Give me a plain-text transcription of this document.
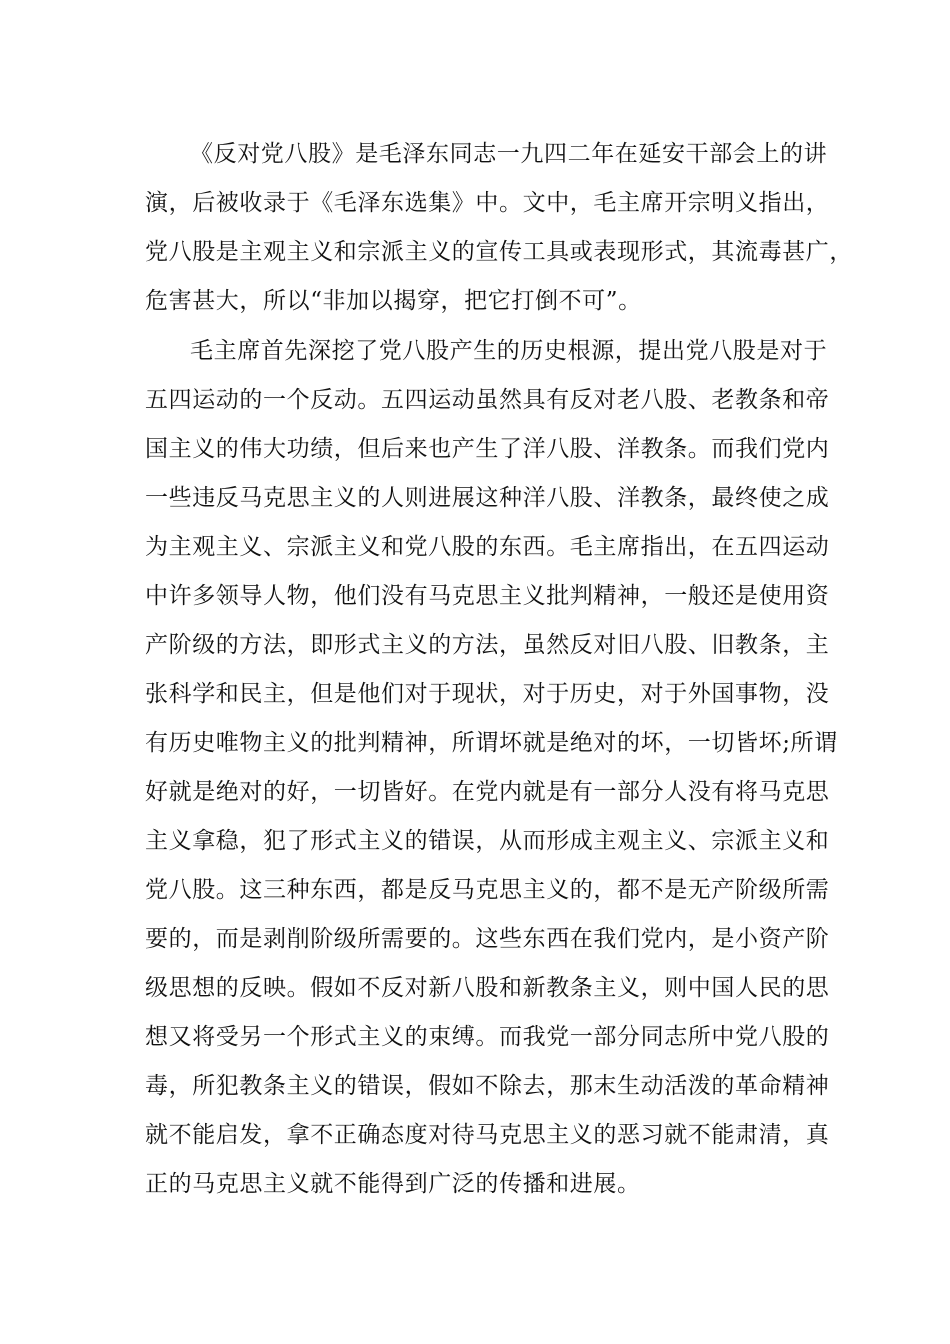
《反对党八股》是毛泽东同志一九四二年在延安干部会上的讲
演，后被收录于《毛泽东选集》中。文中，毛主席开宗明义指出，
党八股是主观主义和宗派主义的宣传工具或表现形式，其流毒甚广，
危害甚大，所以“非加以揭穿，把它打倒不可”。
毛主席首先深挖了党八股产生的历史根源，提出党八股是对于
五四运动的一个反动。五四运动虽然具有反对老八股、老教条和帝
国主义的伟大功绩，但后来也产生了洋八股、洋教条。而我们党内
一些违反马克思主义的人则进展这种洋八股、洋教条，最终使之成
为主观主义、宗派主义和党八股的东西。毛主席指出，在五四运动
中许多领导人物，他们没有马克思主义批判精神，一般还是使用资
产阶级的方法，即形式主义的方法，虽然反对旧八股、旧教条，主
张科学和民主，但是他们对于现状，对于历史，对于外国事物，没
有历史唯物主义的批判精神，所谓坏就是绝对的坏，一切皆坏;所谓
好就是绝对的好，一切皆好。在党内就是有一部分人没有将马克思
主义拿稳，犯了形式主义的错误，从而形成主观主义、宗派主义和
党八股。这三种东西，都是反马克思主义的，都不是无产阶级所需
要的，而是剥削阶级所需要的。这些东西在我们党内，是小资产阶
级思想的反映。假如不反对新八股和新教条主义，则中国人民的思
想又将受另一个形式主义的束缚。而我党一部分同志所中党八股的
毒，所犯教条主义的错误，假如不除去，那末生动活泼的革命精神
就不能启发，拿不正确态度对待马克思主义的恶习就不能肃清，真
正的马克思主义就不能得到广泛的传播和进展。
